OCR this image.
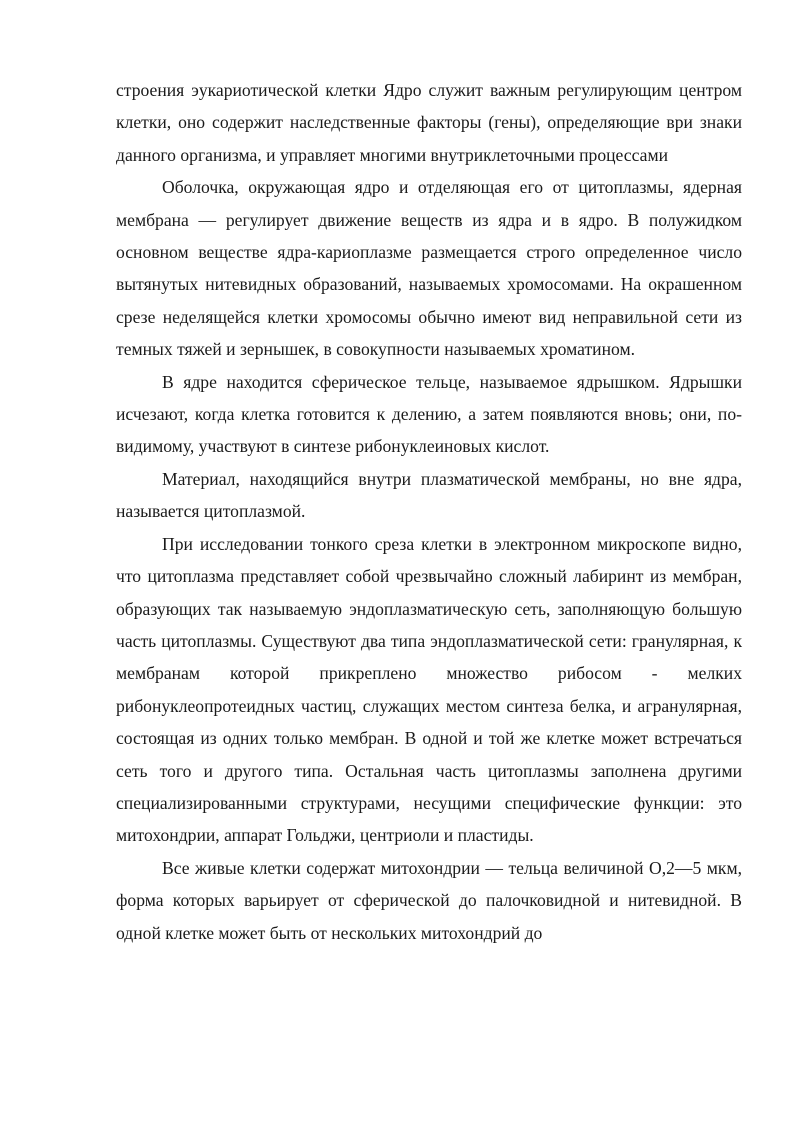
строения эукариотической клетки Ядро служит важным регулирующим центром клетки, оно содержит наследственные факторы (гены), определяющие ври знаки данного организма, и управляет многими внутриклеточными процессами

Оболочка, окружающая ядро и отделяющая его от цитоплазмы, ядерная мембрана — регулирует движение веществ из ядра и в ядро. В полужидком основном веществе ядра-кариоплазме размещается строго определенное число вытянутых нитевидных образований, называемых хромосомами. На окрашенном срезе неделящейся клетки хромосомы обычно имеют вид неправильной сети из темных тяжей и зернышек, в совокупности называемых хроматином.

В ядре находится сферическое тельце, называемое ядрышком. Ядрышки исчезают, когда клетка готовится к делению, а затем появляются вновь; они, по-видимому, участвуют в синтезе рибонуклеиновых кислот.

Материал, находящийся внутри плазматической мембраны, но вне ядра, называется цитоплазмой.

При исследовании тонкого среза клетки в электронном микроскопе видно, что цитоплазма представляет собой чрезвычайно сложный лабиринт из мембран, образующих так называемую эндоплазматическую сеть, заполняющую большую часть цитоплазмы. Существуют два типа эндоплазматической сети: гранулярная, к мембранам которой прикреплено множество рибосом - мелких рибонуклеопротеидных частиц, служащих местом синтеза белка, и агранулярная, состоящая из одних только мембран. В одной и той же клетке может встречаться сеть того и другого типа. Остальная часть цитоплазмы заполнена другими специализированными структурами, несущими специфические функции: это митохондрии, аппарат Гольджи, центриоли и пластиды.

Все живые клетки содержат митохондрии — тельца величиной О,2—5 мкм, форма которых варьирует от сферической до палочковидной и нитевидной. В одной клетке может быть от нескольких митохондрий до
